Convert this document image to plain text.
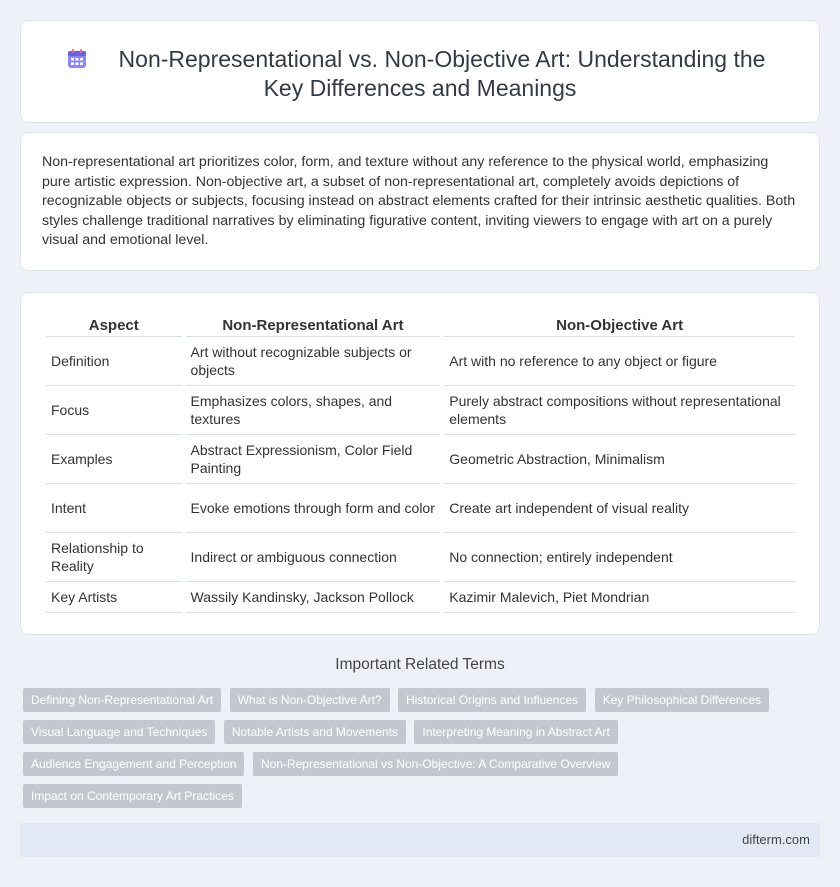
Non-Representational vs. Non-Objective Art: Understanding the Key Differences and Meanings

Non-representational art prioritizes color, form, and texture without any reference to the physical world, emphasizing pure artistic expression. Non-objective art, a subset of non-representational art, completely avoids depictions of recognizable objects or subjects, focusing instead on abstract elements crafted for their intrinsic aesthetic qualities. Both styles challenge traditional narratives by eliminating figurative content, inviting viewers to engage with art on a purely visual and emotional level.

Aspect	Non-Representational Art	Non-Objective Art
Definition	Art without recognizable subjects or objects	Art with no reference to any object or figure
Focus	Emphasizes colors, shapes, and textures	Purely abstract compositions without representational elements
Examples	Abstract Expressionism, Color Field Painting	Geometric Abstraction, Minimalism
Intent	Evoke emotions through form and color	Create art independent of visual reality
Relationship to Reality	Indirect or ambiguous connection	No connection; entirely independent
Key Artists	Wassily Kandinsky, Jackson Pollock	Kazimir Malevich, Piet Mondrian
Important Related Terms
Defining Non-Representational Art What is Non-Objective Art? Historical Origins and Influences Key Philosophical Differences
Visual Language and Techniques Notable Artists and Movements Interpreting Meaning in Abstract Art
Audience Engagement and Perception Non-Representational vs Non-Objective: A Comparative Overview
Impact on Contemporary Art Practices
difterm.com
